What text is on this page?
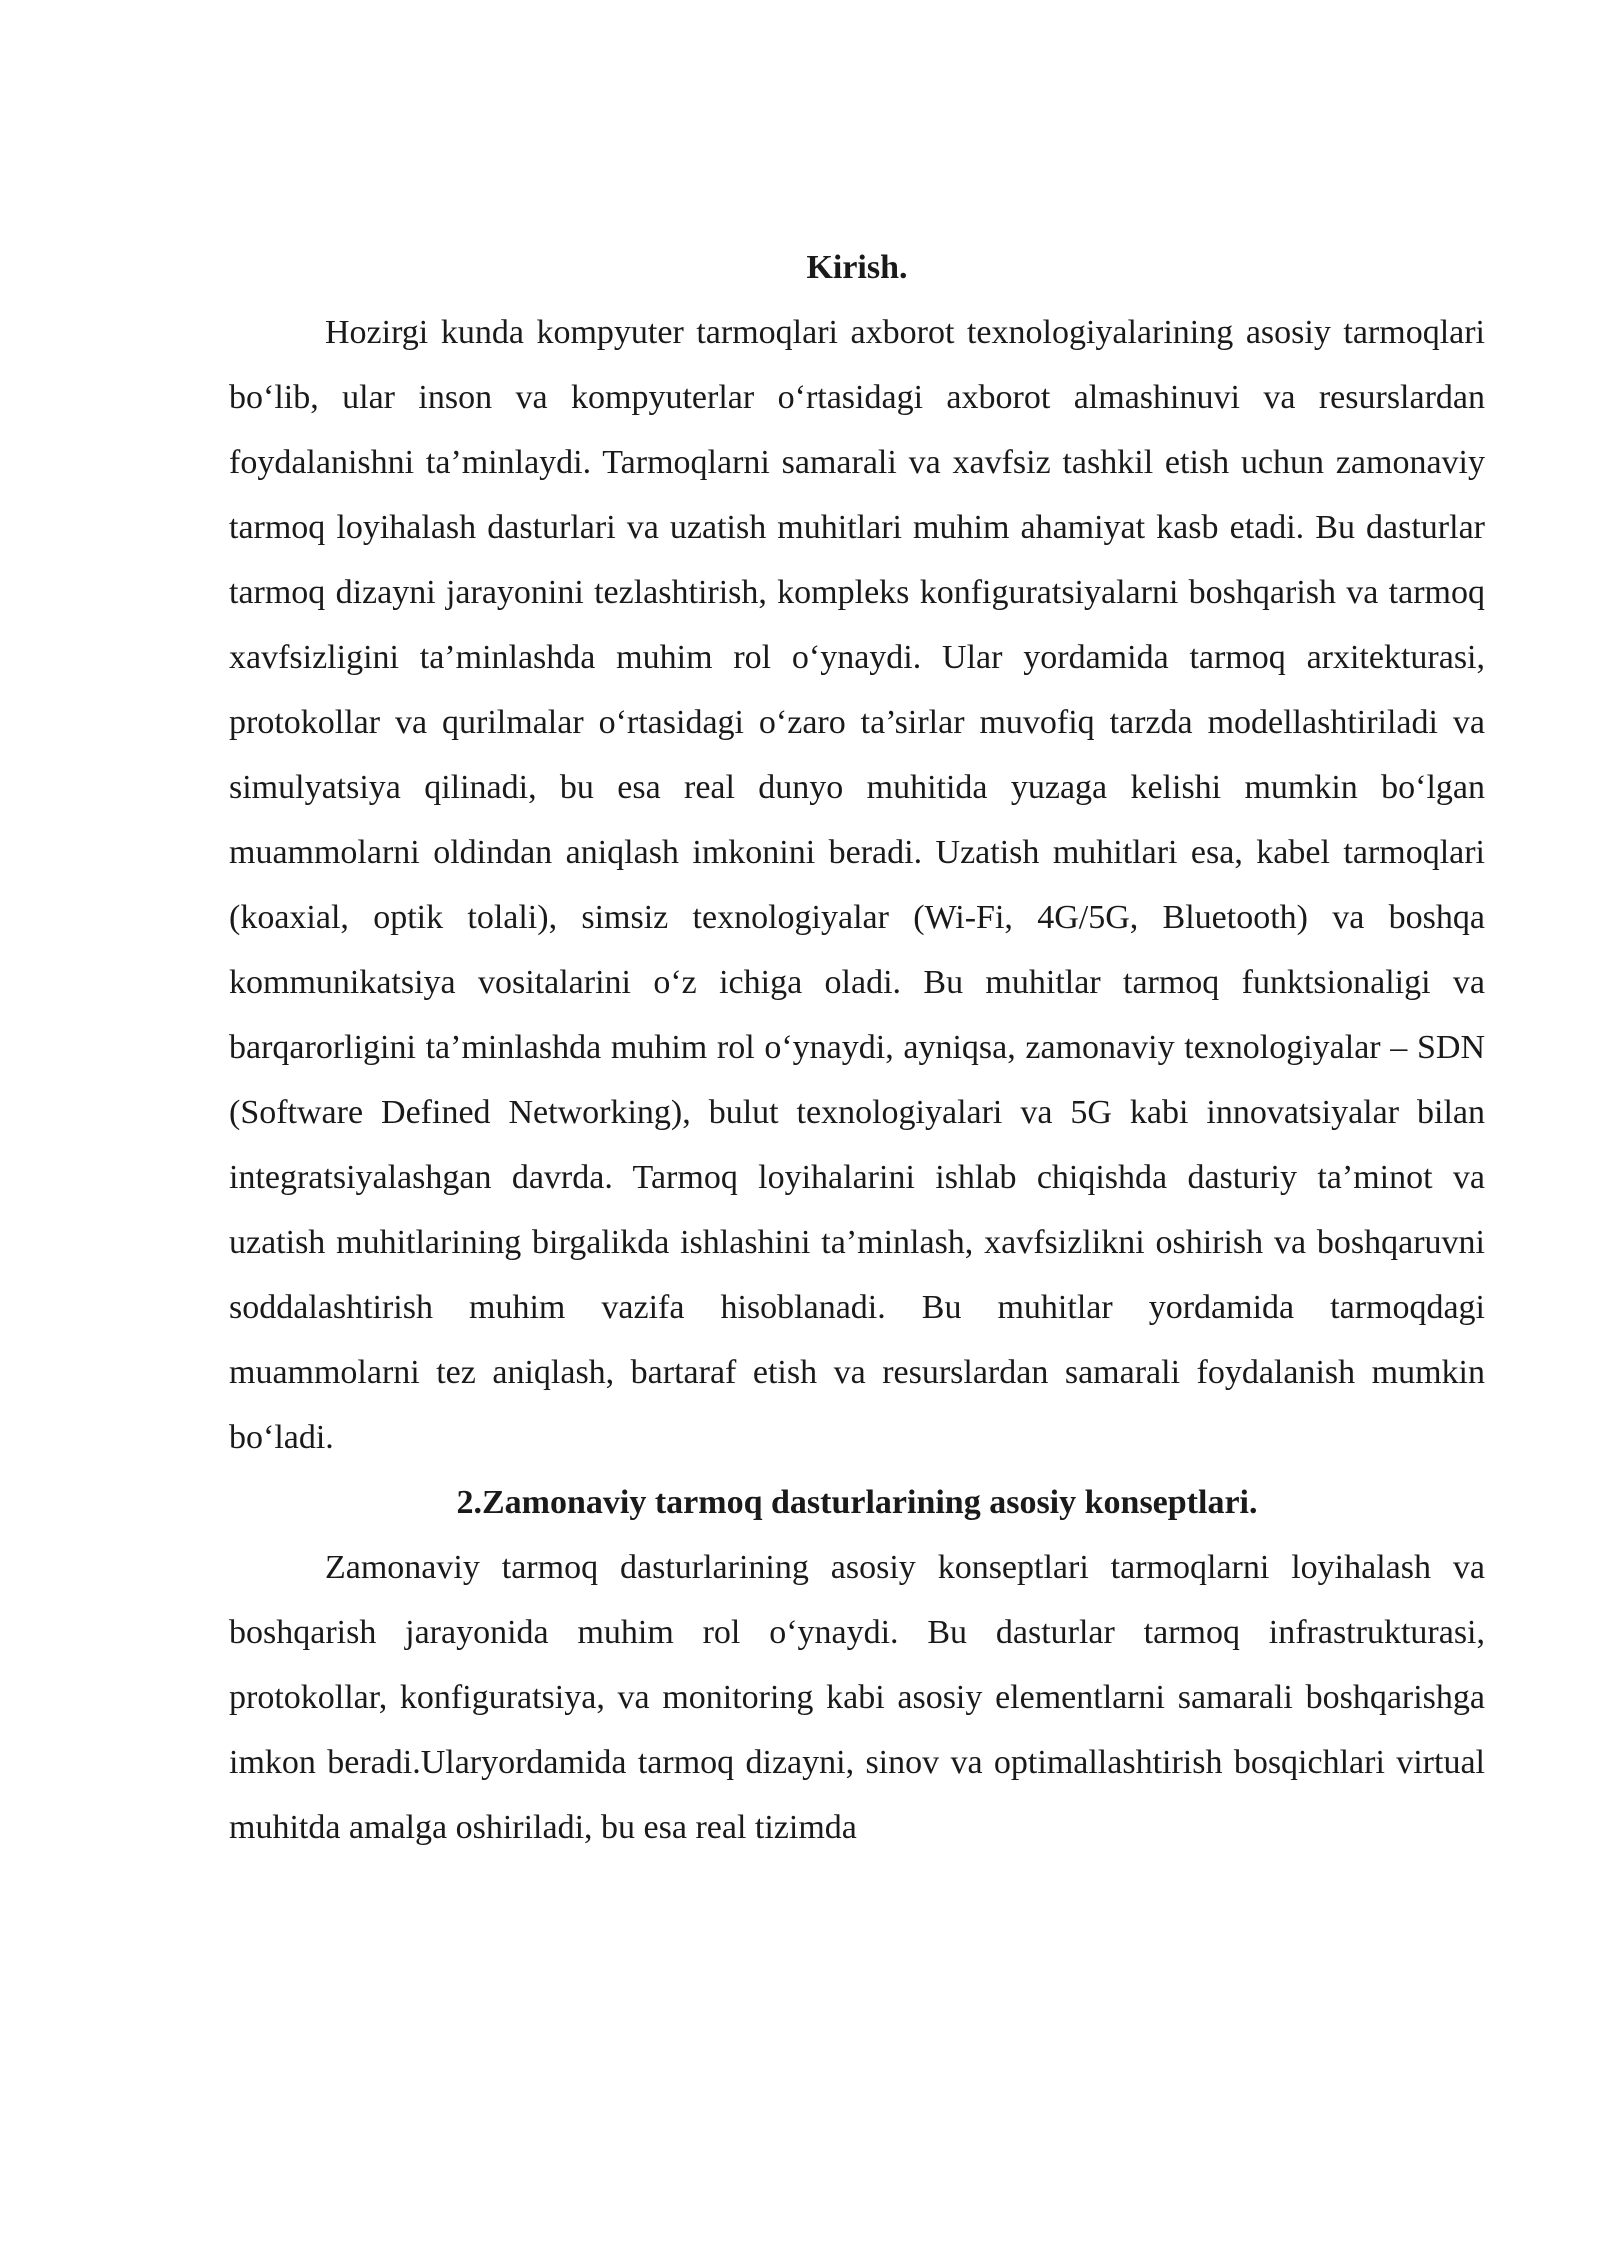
Kirish.

Hozirgi kunda kompyuter tarmoqlari axborot texnologiyalarining asosiy tarmoqlari bo‘lib, ular inson va kompyuterlar o‘rtasidagi axborot almashinuvi va resurslardan foydalanishni ta’minlaydi. Tarmoqlarni samarali va xavfsiz tashkil etish uchun zamonaviy tarmoq loyihalash dasturlari va uzatish muhitlari muhim ahamiyat kasb etadi. Bu dasturlar tarmoq dizayni jarayonini tezlashtirish, kompleks konfiguratsiyalarni boshqarish va tarmoq xavfsizligini ta’minlashda muhim rol o‘ynaydi. Ular yordamida tarmoq arxitekturasi, protokollar va qurilmalar o‘rtasidagi o‘zaro ta’sirlar muvofiq tarzda modellashtiriladi va simulyatsiya qilinadi, bu esa real dunyo muhitida yuzaga kelishi mumkin bo‘lgan muammolarni oldindan aniqlash imkonini beradi. Uzatish muhitlari esa, kabel tarmoqlari (koaxial, optik tolali), simsiz texnologiyalar (Wi-Fi, 4G/5G, Bluetooth) va boshqa kommunikatsiya vositalarini o‘z ichiga oladi. Bu muhitlar tarmoq funktsionaligi va barqarorligini ta’minlashda muhim rol o‘ynaydi, ayniqsa, zamonaviy texnologiyalar – SDN (Software Defined Networking), bulut texnologiyalari va 5G kabi innovatsiyalar bilan integratsiyalashgan davrda. Tarmoq loyihalarini ishlab chiqishda dasturiy ta’minot va uzatish muhitlarining birgalikda ishlashini ta’minlash, xavfsizlikni oshirish va boshqaruvni soddalashtirish muhim vazifa hisoblanadi. Bu muhitlar yordamida tarmoqdagi muammolarni tez aniqlash, bartaraf etish va resurslardan samarali foydalanish mumkin bo‘ladi.

2.Zamonaviy tarmoq dasturlarining asosiy konseptlari.

Zamonaviy tarmoq dasturlarining asosiy konseptlari tarmoqlarni loyihalash va boshqarish jarayonida muhim rol o‘ynaydi. Bu dasturlar tarmoq infrastrukturasi, protokollar, konfiguratsiya, va monitoring kabi asosiy elementlarni samarali boshqarishga imkon beradi.Ularyordamida tarmoq dizayni, sinov va optimallashtirish bosqichlari virtual muhitda amalga oshiriladi, bu esa real tizimda
